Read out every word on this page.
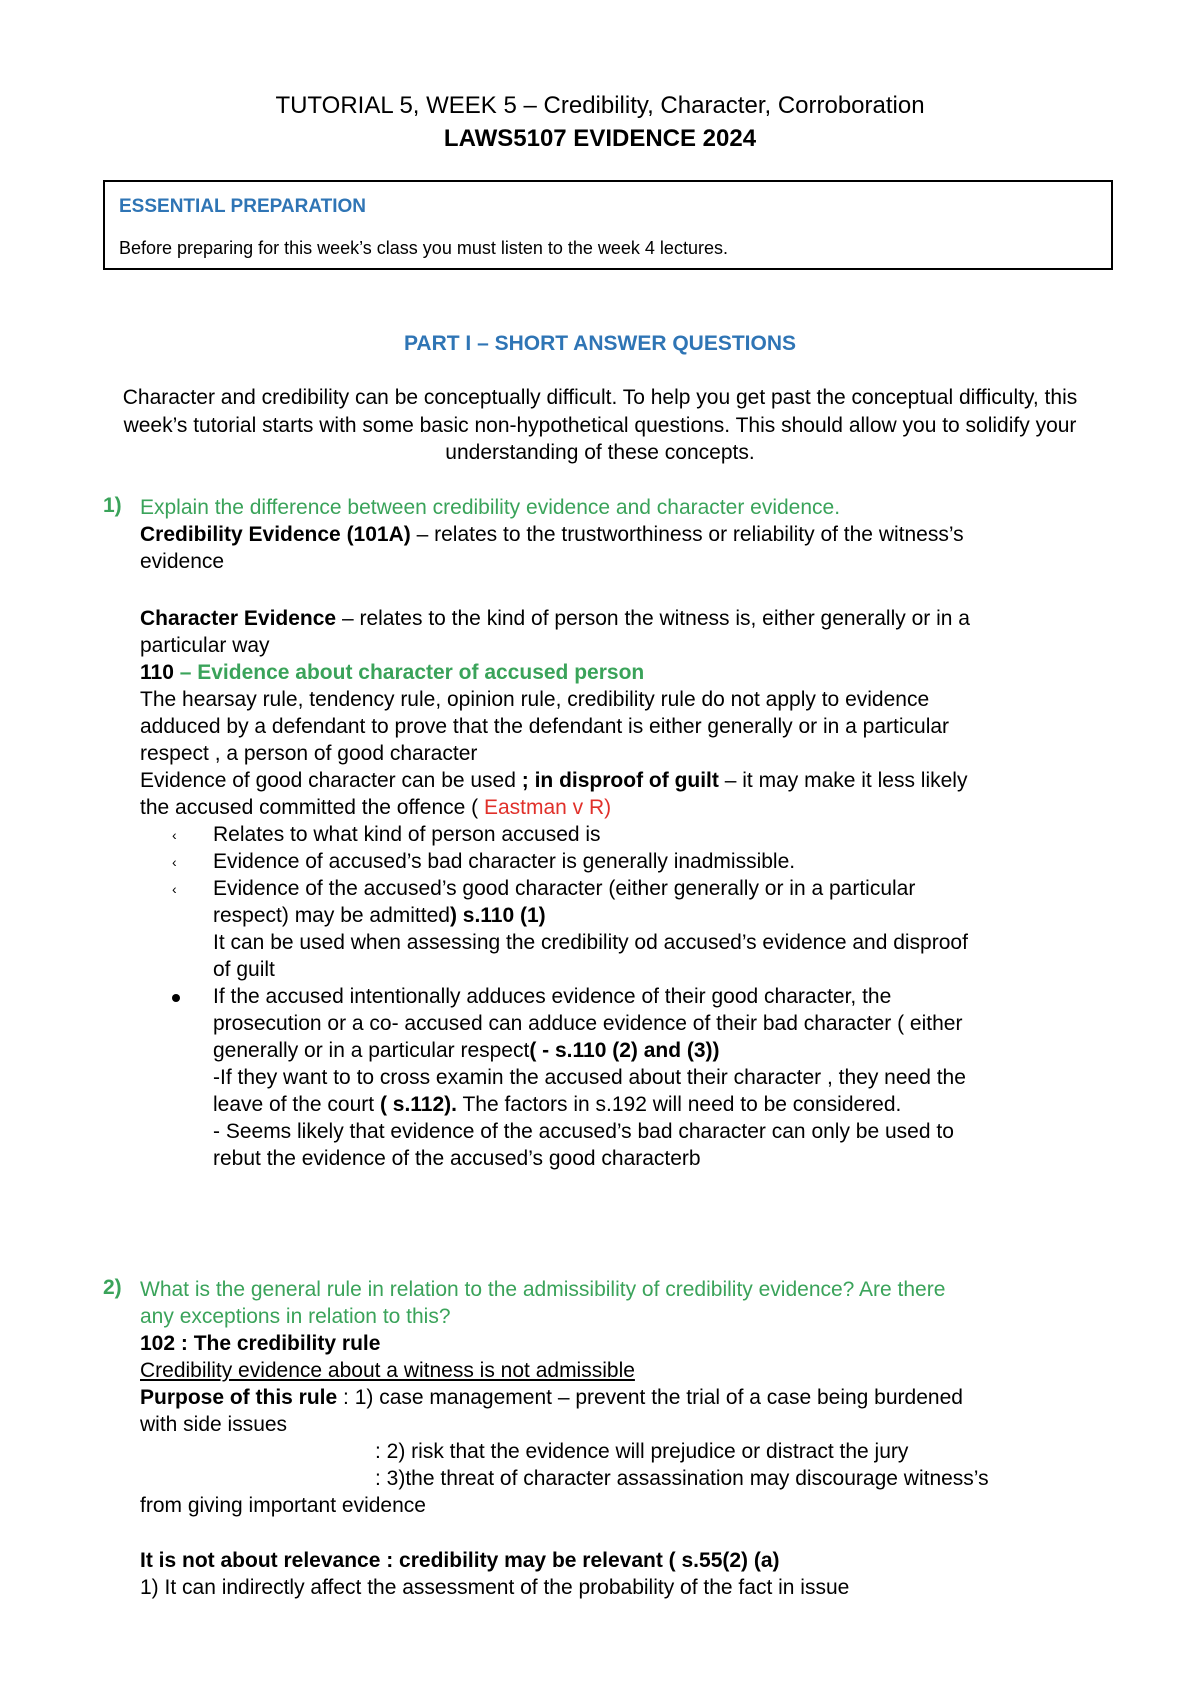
TUTORIAL 5, WEEK 5 – Credibility, Character, Corroboration
LAWS5107 EVIDENCE 2024
ESSENTIAL PREPARATION
Before preparing for this week’s class you must listen to the week 4 lectures.
PART I – SHORT ANSWER QUESTIONS
Character and credibility can be conceptually difficult. To help you get past the conceptual difficulty, this week’s tutorial starts with some basic non-hypothetical questions. This should allow you to solidify your understanding of these concepts.
1) Explain the difference between credibility evidence and character evidence.
Credibility Evidence (101A) – relates to the trustworthiness or reliability of the witness’s
evidence
Character Evidence – relates to the kind of person the witness is, either generally or in a
particular way
110 – Evidence about character of accused person
The hearsay rule, tendency rule, opinion rule, credibility rule do not apply to evidence
adduced by a defendant to prove that the defendant is either generally or in a particular
respect , a person of good character
Evidence of good character can be used ; in disproof of guilt – it may make it less likely
the accused committed the offence ( Eastman v R)
‹ Relates to what kind of person accused is
‹ Evidence of accused’s bad character is generally inadmissible.
‹ Evidence of the accused’s good character (either generally or in a particular
respect) may be admitted) s.110 (1)
It can be used when assessing the credibility od accused’s evidence and disproof
of guilt
If the accused intentionally adduces evidence of their good character, the
prosecution or a co- accused can adduce evidence of their bad character ( either
generally or in a particular respect( - s.110 (2) and (3))
-If they want to to cross examin the accused about their character , they need the
leave of the court ( s.112). The factors in s.192 will need to be considered.
- Seems likely that evidence of the accused’s bad character can only be used to
rebut the evidence of the accused’s good characterb
2) What is the general rule in relation to the admissibility of credibility evidence? Are there
any exceptions in relation to this?
102 : The credibility rule
Credibility evidence about a witness is not admissible
Purpose of this rule : 1) case management – prevent the trial of a case being burdened
with side issues
: 2) risk that the evidence will prejudice or distract the jury
: 3)the threat of character assassination may discourage witness’s
from giving important evidence
It is not about relevance : credibility may be relevant ( s.55(2) (a)
1) It can indirectly affect the assessment of the probability of the fact in issue
